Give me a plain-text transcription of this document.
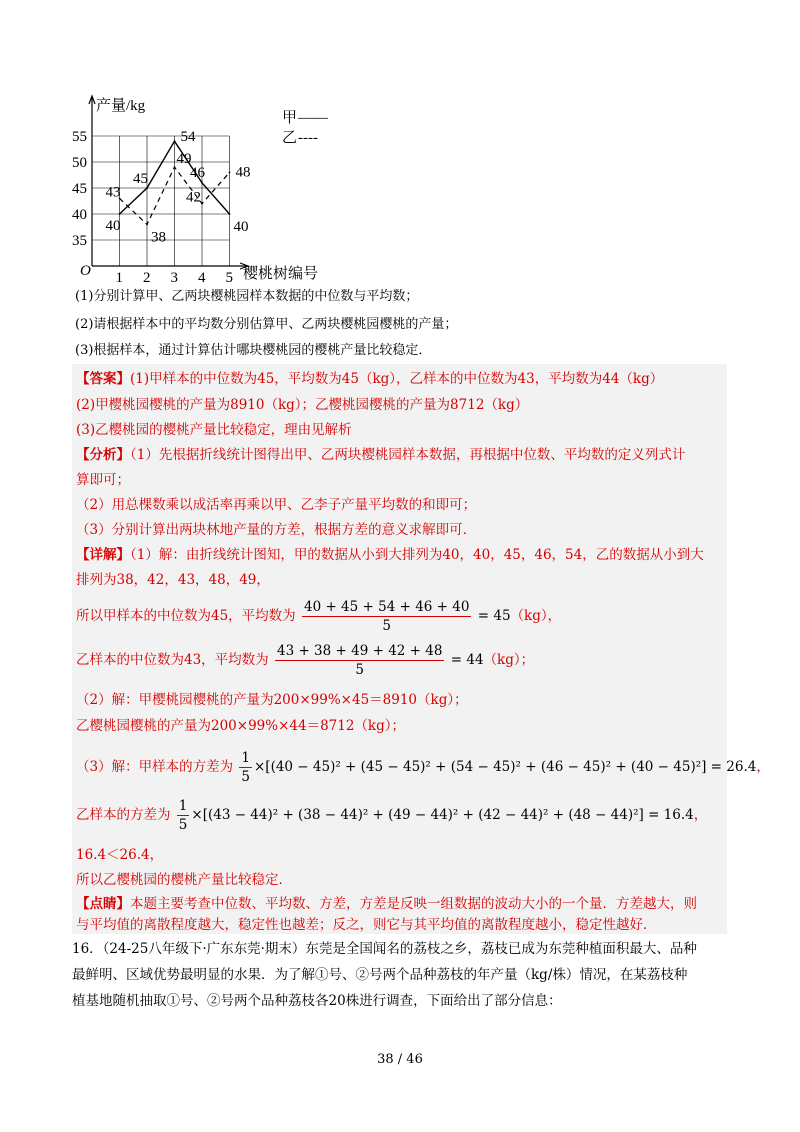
1 2 3 4 5
35
40
45
50
55
40
45
54
46
40
43
38
49
42
48
产量/kg
樱桃树编号
O
甲 ——
乙 ----
(1)分别计算甲、乙两块樱桃园样本数据的中位数与平均数；
(2)请根据样本中的平均数分别估算甲、乙两块樱桃园樱桃的产量；
(3)根据样本，通过计算估计哪块樱桃园的樱桃产量比较稳定．
【答案】(1)甲样本的中位数为45，平均数为45（kg），乙样本的中位数为43，平均数为44（kg）
(2)甲樱桃园樱桃的产量为8910（kg）；乙樱桃园樱桃的产量为8712（kg）
(3)乙樱桃园的樱桃产量比较稳定，理由见解析
【分析】（1）先根据折线统计图得出甲、乙两块樱桃园样本数据，再根据中位数、平均数的定义列式计
算即可；
（2）用总棵数乘以成活率再乘以甲、乙李子产量平均数的和即可；
（3）分别计算出两块林地产量的方差，根据方差的意义求解即可．
【详解】（1）解：由折线统计图知，甲的数据从小到大排列为40，40，45，46，54，乙的数据从小到大
排列为38，42，43，48，49，
所以甲样本的中位数为45，平均数为 $\frac{40 + 45 + 54 + 46 + 40}{5} = 45(kg)$，
乙样本的中位数为43，平均数为 $\frac{43 + 38 + 49 + 42 + 48}{5} = 44(kg)$；
（2）解：甲樱桃园樱桃的产量为200×99%×45＝8910（kg）；
乙樱桃园樱桃的产量为200×99%×44＝8712（kg）；
（3）解：甲样本的方差为 $\frac{1}{5} \times[(40 - 45)^2 + (45 - 45)^2 + (54 - 45)^2 + (46 - 45)^2 + (40 - 45)^2] = 26.4$，
乙样本的方差为 $\frac{1}{5} \times[(43 - 44)^2 + (38 - 44)^2 + (49 - 44)^2 + (42 - 44)^2 + (48 - 44)^2] = 16.4$，
16.4＜26.4，
所以乙樱桃园的樱桃产量比较稳定．
【点睛】本题主要考查中位数、平均数、方差，方差是反映一组数据的波动大小的一个量．方差越大，则
与平均值的离散程度越大，稳定性也越差；反之，则它与其平均值的离散程度越小，稳定性越好．
16．（24-25八年级下·广东东莞·期末）东莞是全国闻名的荔枝之乡，荔枝已成为东莞种植面积最大、品种
最鲜明、区域优势最明显的水果．为了解①号、②号两个品种荔枝的年产量（kg/株）情况，在某荔枝种
植基地随机抽取①号、②号两个品种荔枝各20株进行调查，下面给出了部分信息：
38 / 46
